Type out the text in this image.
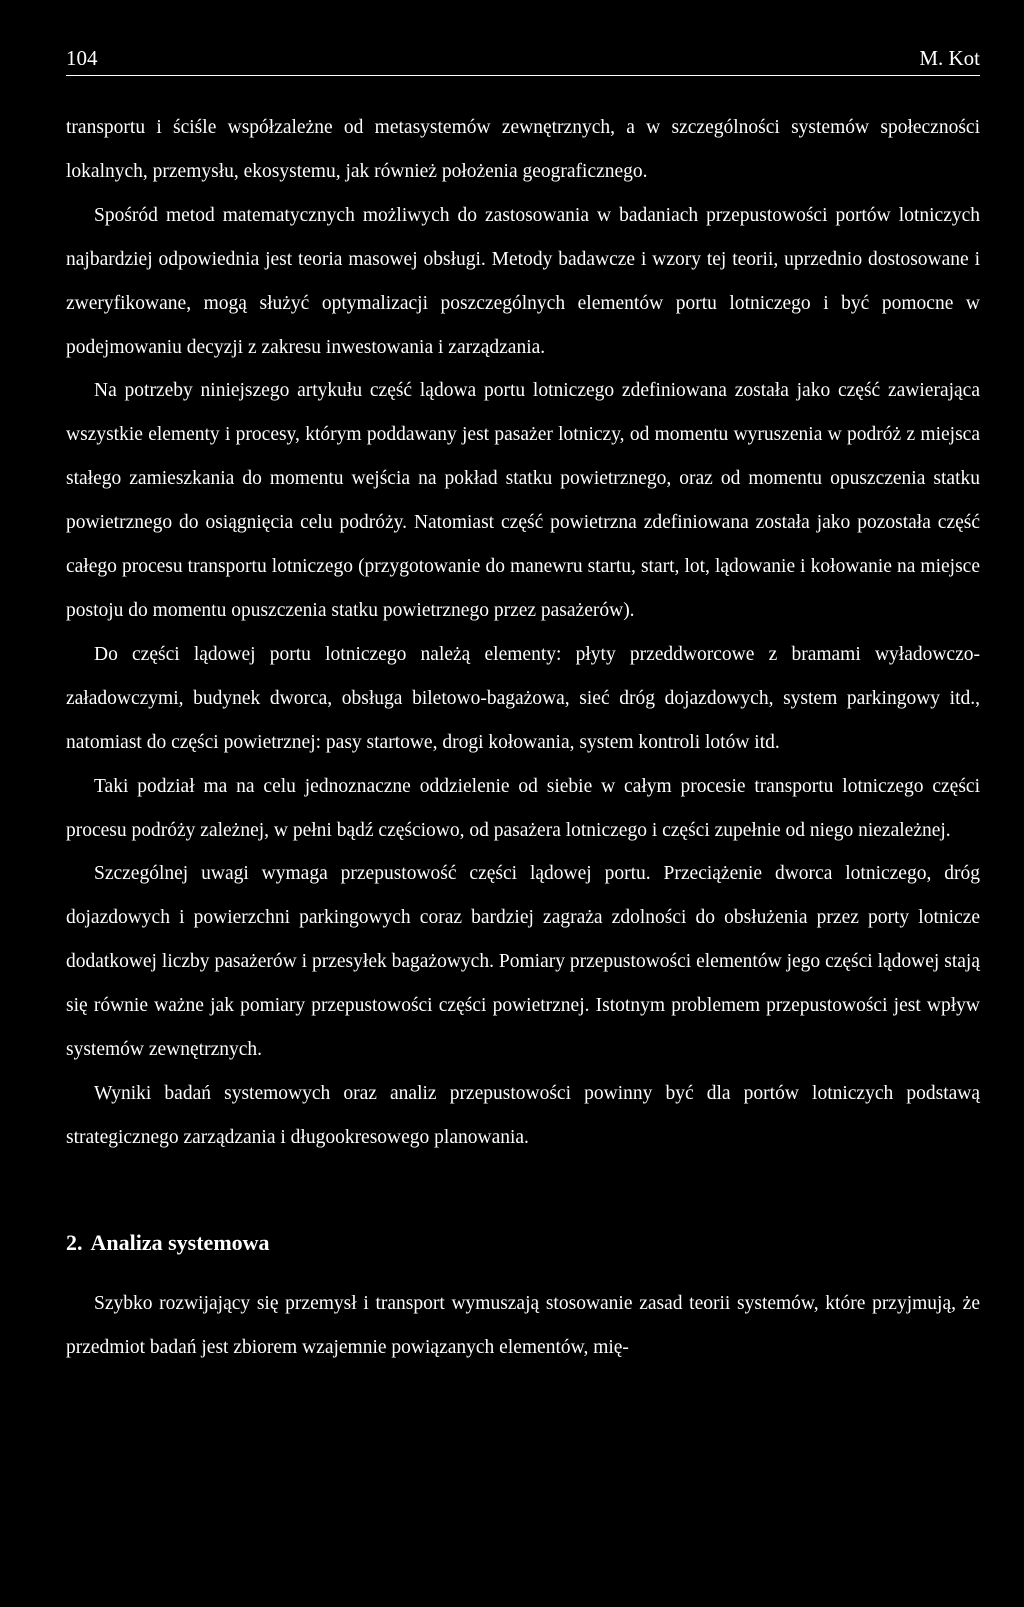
104	M. Kot

transportu i ściśle współzależne od metasystemów zewnętrznych, a w szczególności systemów społeczności lokalnych, przemysłu, ekosystemu, jak również położenia geograficznego.

Spośród metod matematycznych możliwych do zastosowania w badaniach przepustowości portów lotniczych najbardziej odpowiednia jest teoria masowej obsługi. Metody badawcze i wzory tej teorii, uprzednio dostosowane i zweryfikowane, mogą służyć optymalizacji poszczególnych elementów portu lotniczego i być pomocne w podejmowaniu decyzji z zakresu inwestowania i zarządzania.

Na potrzeby niniejszego artykułu część lądowa portu lotniczego zdefiniowana została jako część zawierająca wszystkie elementy i procesy, którym poddawany jest pasażer lotniczy, od momentu wyruszenia w podróż z miejsca stałego zamieszkania do momentu wejścia na pokład statku powietrznego, oraz od momentu opuszczenia statku powietrznego do osiągnięcia celu podróży. Natomiast część powietrzna zdefiniowana została jako pozostała część całego procesu transportu lotniczego (przygotowanie do manewru startu, start, lot, lądowanie i kołowanie na miejsce postoju do momentu opuszczenia statku powietrznego przez pasażerów).

Do części lądowej portu lotniczego należą elementy: płyty przeddworcowe z bramami wyładowczo-załadowczymi, budynek dworca, obsługa biletowo-bagażowa, sieć dróg dojazdowych, system parkingowy itd., natomiast do części powietrznej: pasy startowe, drogi kołowania, system kontroli lotów itd.

Taki podział ma na celu jednoznaczne oddzielenie od siebie w całym procesie transportu lotniczego części procesu podróży zależnej, w pełni bądź częściowo, od pasażera lotniczego i części zupełnie od niego niezależnej.

Szczególnej uwagi wymaga przepustowość części lądowej portu. Przeciążenie dworca lotniczego, dróg dojazdowych i powierzchni parkingowych coraz bardziej zagraża zdolności do obsłużenia przez porty lotnicze dodatkowej liczby pasażerów i przesyłek bagażowych. Pomiary przepustowości elementów jego części lądowej stają się równie ważne jak pomiary przepustowości części powietrznej. Istotnym problemem przepustowości jest wpływ systemów zewnętrznych.

Wyniki badań systemowych oraz analiz przepustowości powinny być dla portów lotniczych podstawą strategicznego zarządzania i długookresowego planowania.

2. Analiza systemowa

Szybko rozwijający się przemysł i transport wymuszają stosowanie zasad teorii systemów, które przyjmują, że przedmiot badań jest zbiorem wzajemnie powiązanych elementów, mię-
